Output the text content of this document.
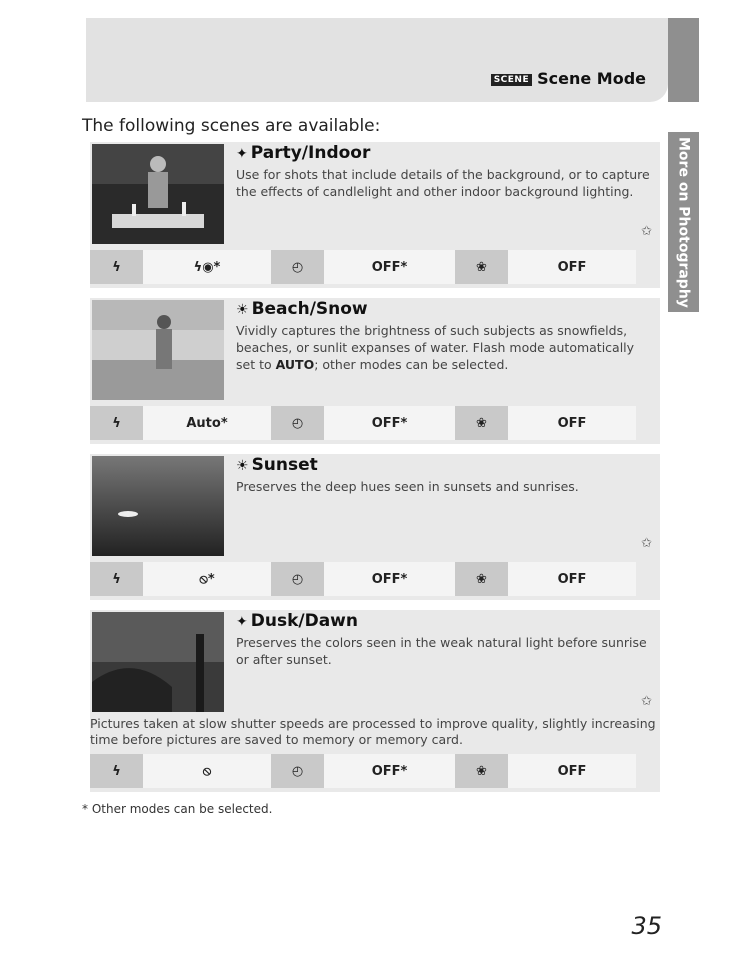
SCENE Scene Mode
More on Photography
The following scenes are available:
✦ Party/Indoor
Use for shots that include details of the background, or to capture the effects of candlelight and other indoor background lighting.
✩
ϟ	ϟ◉*	◴	OFF*	❀	OFF
☀ Beach/Snow
Vividly captures the brightness of such subjects as snowfields, beaches, or sunlit expanses of water. Flash mode automatically set to AUTO; other modes can be selected.
ϟ	Auto*	◴	OFF*	❀	OFF
☀ Sunset
Preserves the deep hues seen in sunsets and sunrises.
✩
ϟ	⦸*	◴	OFF*	❀	OFF
✦ Dusk/Dawn
Preserves the colors seen in the weak natural light before sunrise or after sunset.
✩
Pictures taken at slow shutter speeds are processed to improve quality, slightly increasing time before pictures are saved to memory or memory card.
ϟ	⦸	◴	OFF*	❀	OFF
* Other modes can be selected.
35
